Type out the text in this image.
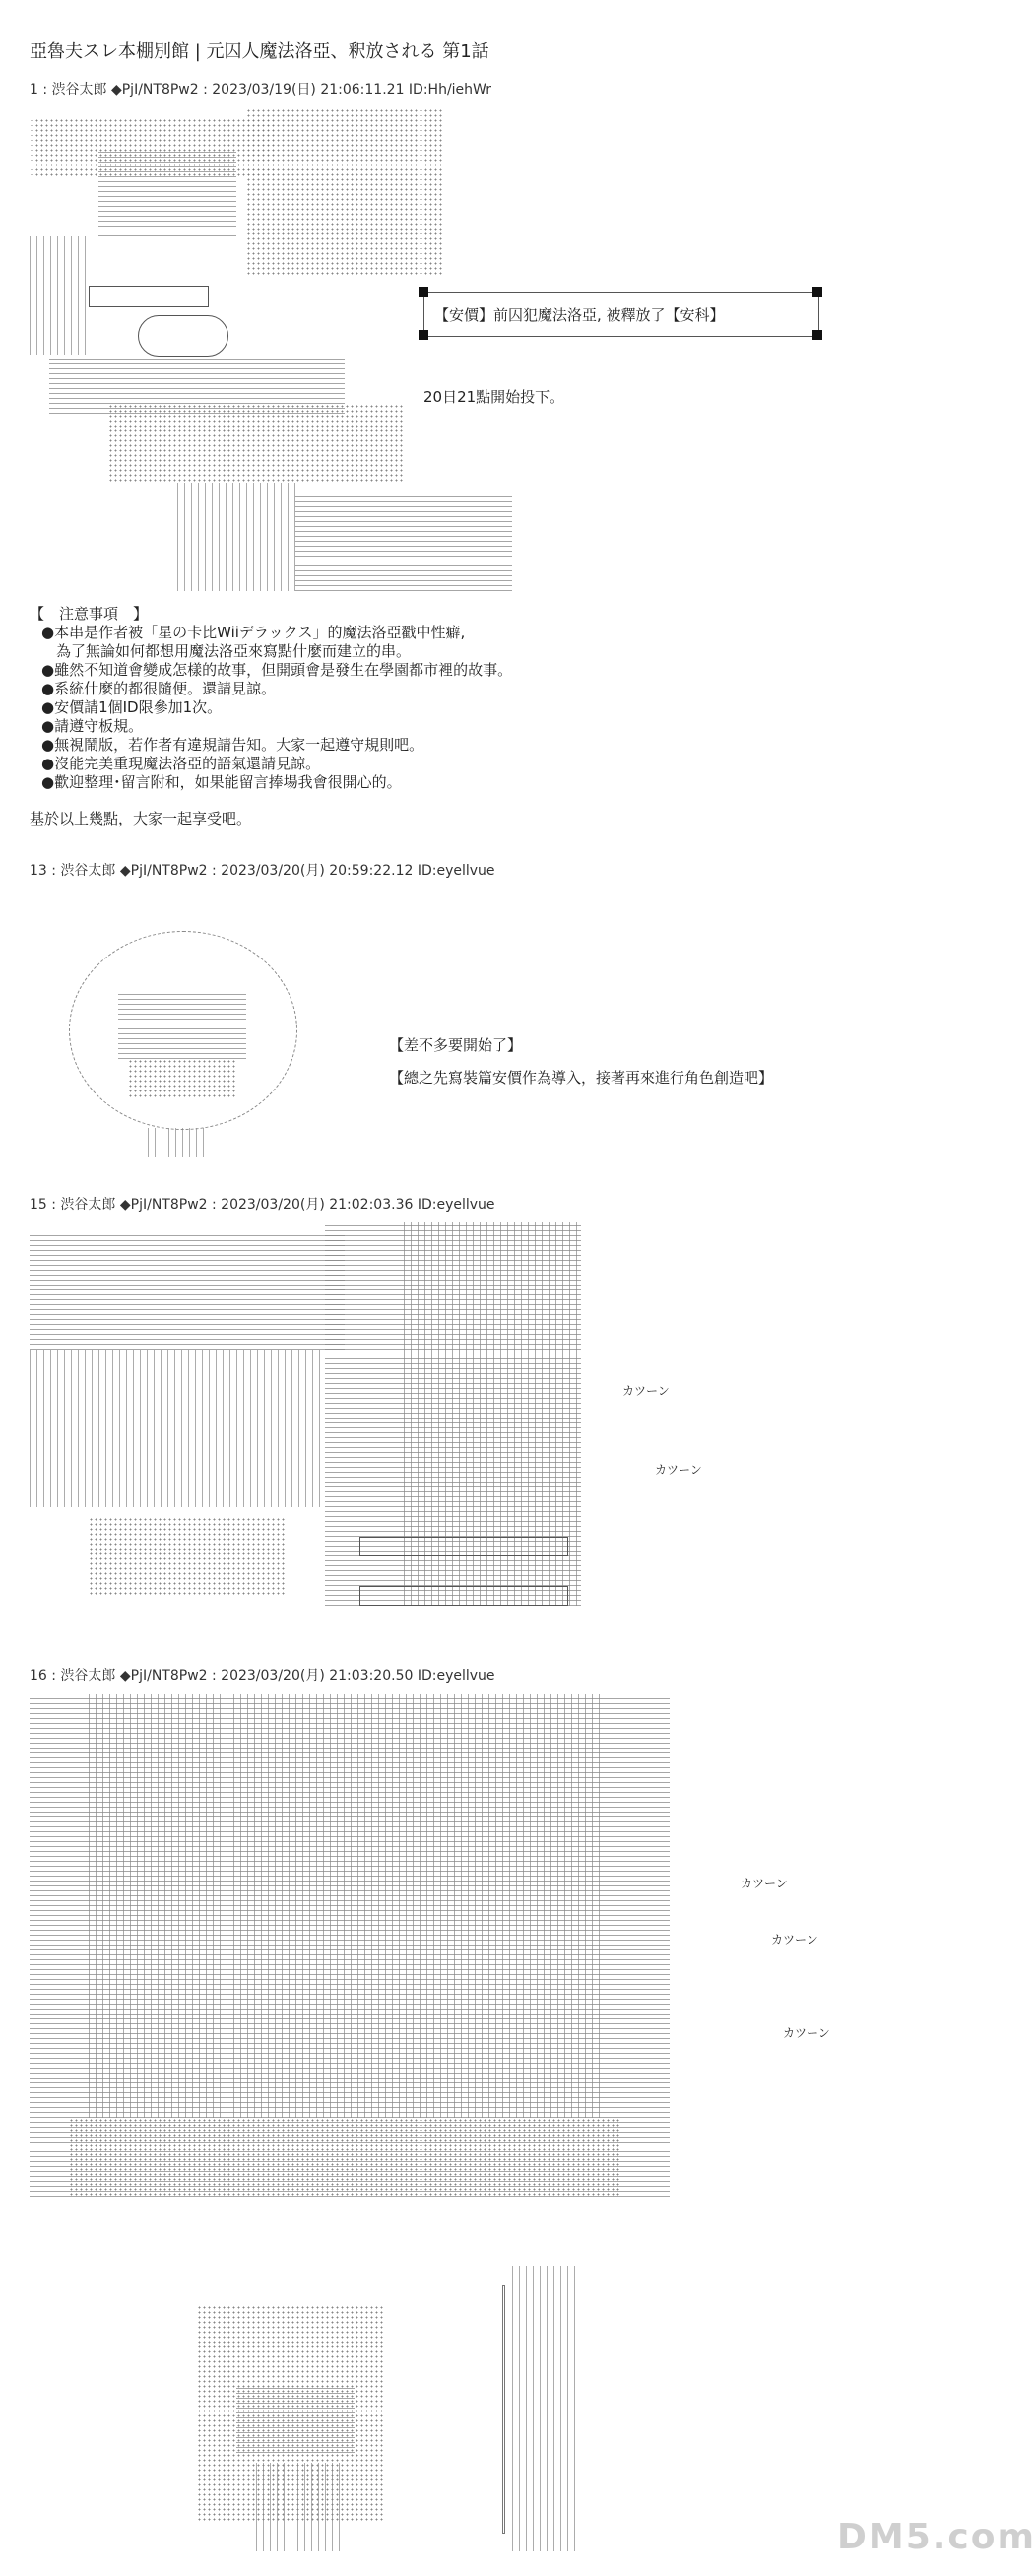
亞魯夫スレ本棚別館 | 元囚人魔法洛亞、釈放される 第1話
1 : 渋谷太郎 ◆PjI/NT8Pw2 : 2023/03/19(日) 21:06:11.21 ID:Hh/iehWr
【安價】前囚犯魔法洛亞, 被釋放了【安科】
20日21點開始投下。
【　注意事項　】
●本串是作者被「星の卡比Wiiデラックス」的魔法洛亞戳中性癖,
　為了無論如何都想用魔法洛亞來寫點什麼而建立的串。
●雖然不知道會變成怎樣的故事，但開頭會是發生在學園都市裡的故事。
●系統什麼的都很隨便。還請見諒。
●安價請1個ID限參加1次。
●請遵守板規。
●無視鬧版，若作者有違規請告知。大家一起遵守規則吧。
●沒能完美重現魔法洛亞的語氣還請見諒。
●歡迎整理･留言附和，如果能留言捧場我會很開心的。
基於以上幾點，大家一起享受吧。
13 : 渋谷太郎 ◆PjI/NT8Pw2 : 2023/03/20(月) 20:59:22.12 ID:eyellvue
【差不多要開始了】
【總之先寫裝篇安價作為導入，接著再來進行角色創造吧】
15 : 渋谷太郎 ◆PjI/NT8Pw2 : 2023/03/20(月) 21:02:03.36 ID:eyellvue
カツーン
カツーン
16 : 渋谷太郎 ◆PjI/NT8Pw2 : 2023/03/20(月) 21:03:20.50 ID:eyellvue
カツーン
カツーン
カツーン
DM5.com
